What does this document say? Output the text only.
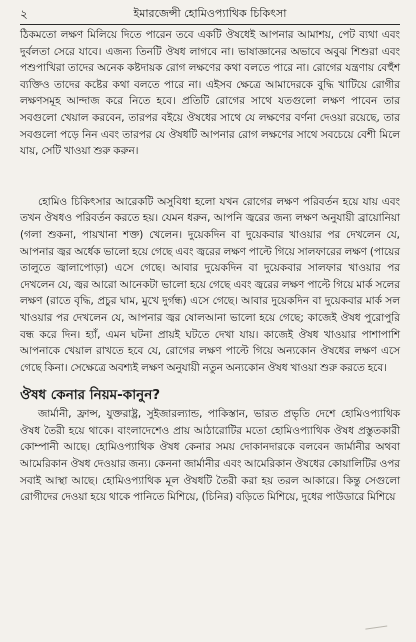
২	ইমারজেন্সী হোমিওপ্যাথিক চিকিৎসা

ঠিকমতো লক্ষণ মিলিয়ে দিতে পারেন তবে একটি ঔষধেই আপনার আমাশয়, পেট ব্যথা এবং দুর্বলতা সেরে যাবে। এজন্য তিনটি ঔষধ লাগবে না। ভাষাজ্ঞানের অভাবে অবুঝ শিশুরা এবং পশুপাখিরা তাদের অনেক কষ্টদায়ক রোগ লক্ষণের কথা বলতে পারে না। রোগের যন্ত্রণায় বেহুঁশ ব্যক্তিও তাদের কষ্টের কথা বলতে পারে না। এইসব ক্ষেত্রে আমাদেরকে বুদ্ধি খাটিয়ে রোগীর লক্ষণসমূহ আন্দাজ করে নিতে হবে। প্রতিটি রোগের সাথে যতগুলো লক্ষণ পাবেন তার সবগুলো খেয়াল করবেন, তারপর বইয়ে ঔষধের সাথে যে লক্ষণের বর্ণনা দেওয়া রয়েছে, তার সবগুলো পড়ে নিন এবং তারপর যে ঔষধটি আপনার রোগ লক্ষণের সাথে সবচেয়ে বেশী মিলে যায়, সেটি খাওয়া শুরু করুন।

হোমিও চিকিৎসার আরেকটি অসুবিধা হলো যখন রোগের লক্ষণ পরিবর্তন হয়ে যায় এবং তখন ঔষধও পরিবর্তন করতে হয়। যেমন ধরুন, আপনি জ্বরের জন্য লক্ষণ অনুযায়ী ব্রায়োনিয়া (গলা শুকনা, পায়খানা শক্ত) খেলেন। দুয়েকদিন বা দুয়েকবার খাওয়ার পর দেখলেন যে, আপনার জ্বর অর্ধেক ভালো হয়ে গেছে এবং জ্বরের লক্ষণ পাল্টে গিয়ে সালফারের লক্ষণ (পায়ের তালুতে জ্বালাপোড়া) এসে গেছে। আবার দুয়েকদিন বা দুয়েকবার সালফার খাওয়ার পর দেখলেন যে, জ্বর আরো আনেকটা ভালো হয়ে গেছে এবং জ্বরের লক্ষণ পাল্টে গিয়ে মার্ক সলের লক্ষণ (রাতে বৃদ্ধি, প্রচুর ঘাম, মুখে দুর্গন্ধ) এসে গেছে। আবার দুয়েকদিন বা দুয়েকবার মার্ক সল খাওয়ার পর দেখলেন যে, আপনার জ্বর ষোলআনা ভালো হয়ে গেছে; কাজেই ঔষধ পুরোপুরি বন্ধ করে দিন। হ্যাঁ, এমন ঘটনা প্রায়ই ঘটতে দেখা যায়। কাজেই ঔষধ খাওয়ার পাশাপাশি আপনাকে খেয়াল রাখতে হবে যে, রোগের লক্ষণ পাল্টে গিয়ে অন্যকোন ঔষধের লক্ষণ এসে গেছে কিনা। সেক্ষেত্রে অবশ্যই লক্ষণ অনুযায়ী নতুন অন্যকোন ঔষধ খাওয়া শুরু করতে হবে।

ঔষধ কেনার নিয়ম-কানুন?

জার্মানী, ফ্রান্স, যুক্তরাষ্ট্র, সুইজারল্যান্ড, পাকিস্তান, ভারত প্রভৃতি দেশে হোমিওপ্যাথিক ঔষধ তৈরী হয়ে থাকে। বাংলাদেশেও প্রায় আঠারোটির মতো হোমিওপ্যাথিক ঔষধ প্রস্তুতকারী কোম্পানী আছে। হোমিওপ্যাথিক ঔষধ কেনার সময় দোকানদারকে বলবেন জার্মানীর অথবা আমেরিকান ঔষধ দেওয়ার জন্য। কেননা জার্মানীর এবং আমেরিকান ঔষধের কোয়ালিটির ওপর সবাই আস্থা আছে। হোমিওপ্যাথিক মূল ঔষধটি তৈরী করা হয় তরল আকারে। কিন্তু সেগুলো রোগীদের দেওয়া হয়ে থাকে পানিতে মিশিয়ে, (চিনির) বড়িতে মিশিয়ে, দুধের পাউডারে মিশিয়ে
